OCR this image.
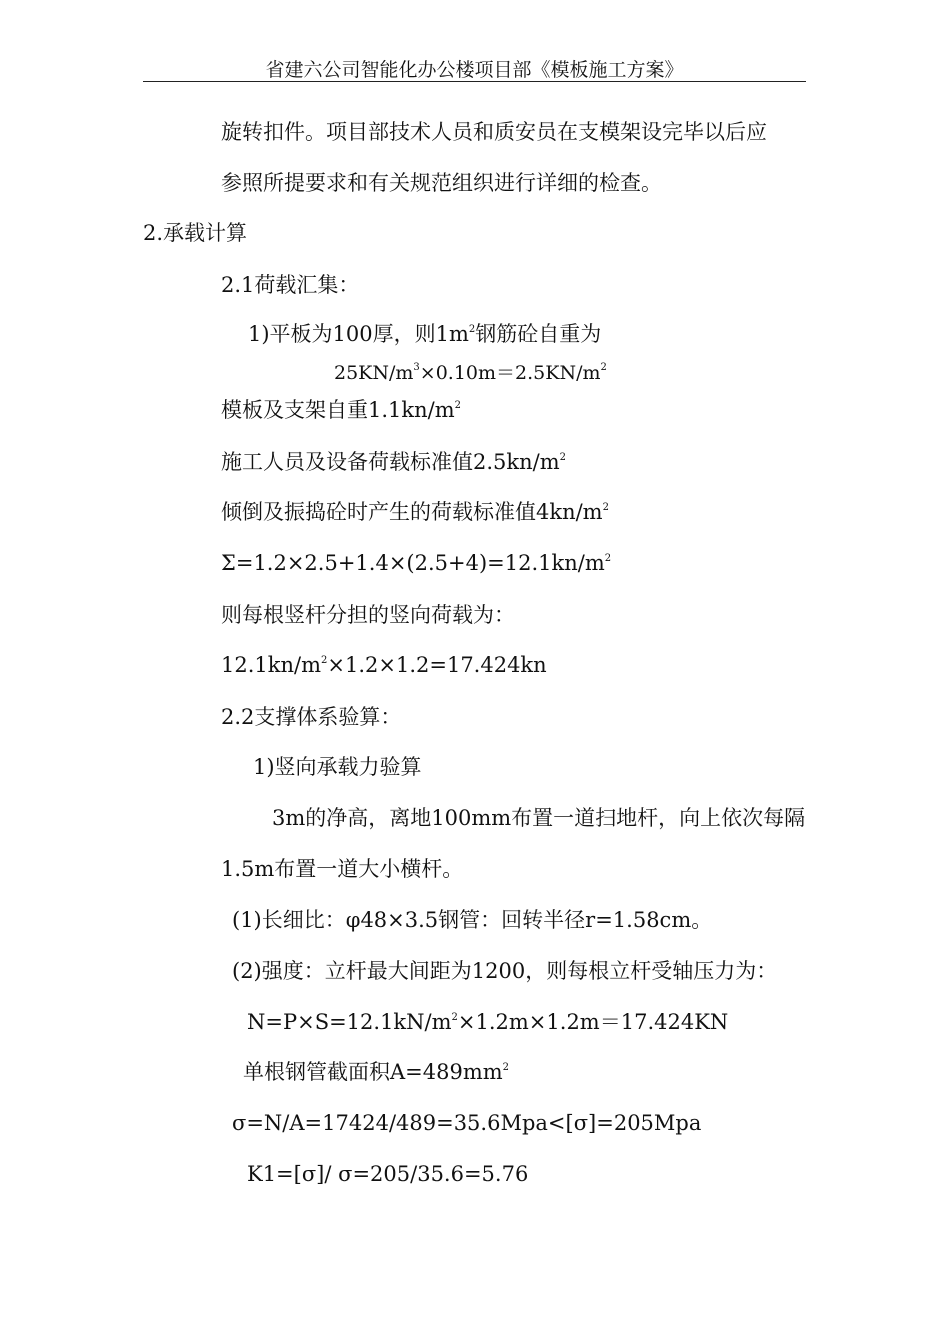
省建六公司智能化办公楼项目部《模板施工方案》
旋转扣件。项目部技术人员和质安员在支模架设完毕以后应
参照所提要求和有关规范组织进行详细的检查。
2.承载计算
2.1荷载汇集：
1)平板为100厚，则$1m^2$钢筋砼自重为
$25KN/m^3\times 0.10m=2.5KN/m^2$
模板及支架自重$1.1kn/m^2$
施工人员及设备荷载标准值$2.5kn/m^2$
倾倒及振捣砼时产生的荷载标准值$4kn/m^2$
$\Sigma=1.2\times 2.5+1.4\times(2.5+4)=12.1kn/m^2$
则每根竖杆分担的竖向荷载为：
$12.1kn/m^2\times 1.2\times 1.2=17.424kn$
2.2支撑体系验算：
1)竖向承载力验算
3m的净高，离地100mm布置一道扫地杆，向上依次每隔
1.5m布置一道大小横杆。
(1)长细比：φ48×3.5钢管：回转半径r=1.58cm。
(2)强度：立杆最大间距为1200，则每根立杆受轴压力为：
$N=P\times S=12.1kN/m^2\times 1.2m\times 1.2m=17.424KN$
单根钢管截面积$A=489mm^2$
σ=N/A=17424/489=35.6Mpa<[σ]=205Mpa
K1=[σ]/ σ=205/35.6=5.76
